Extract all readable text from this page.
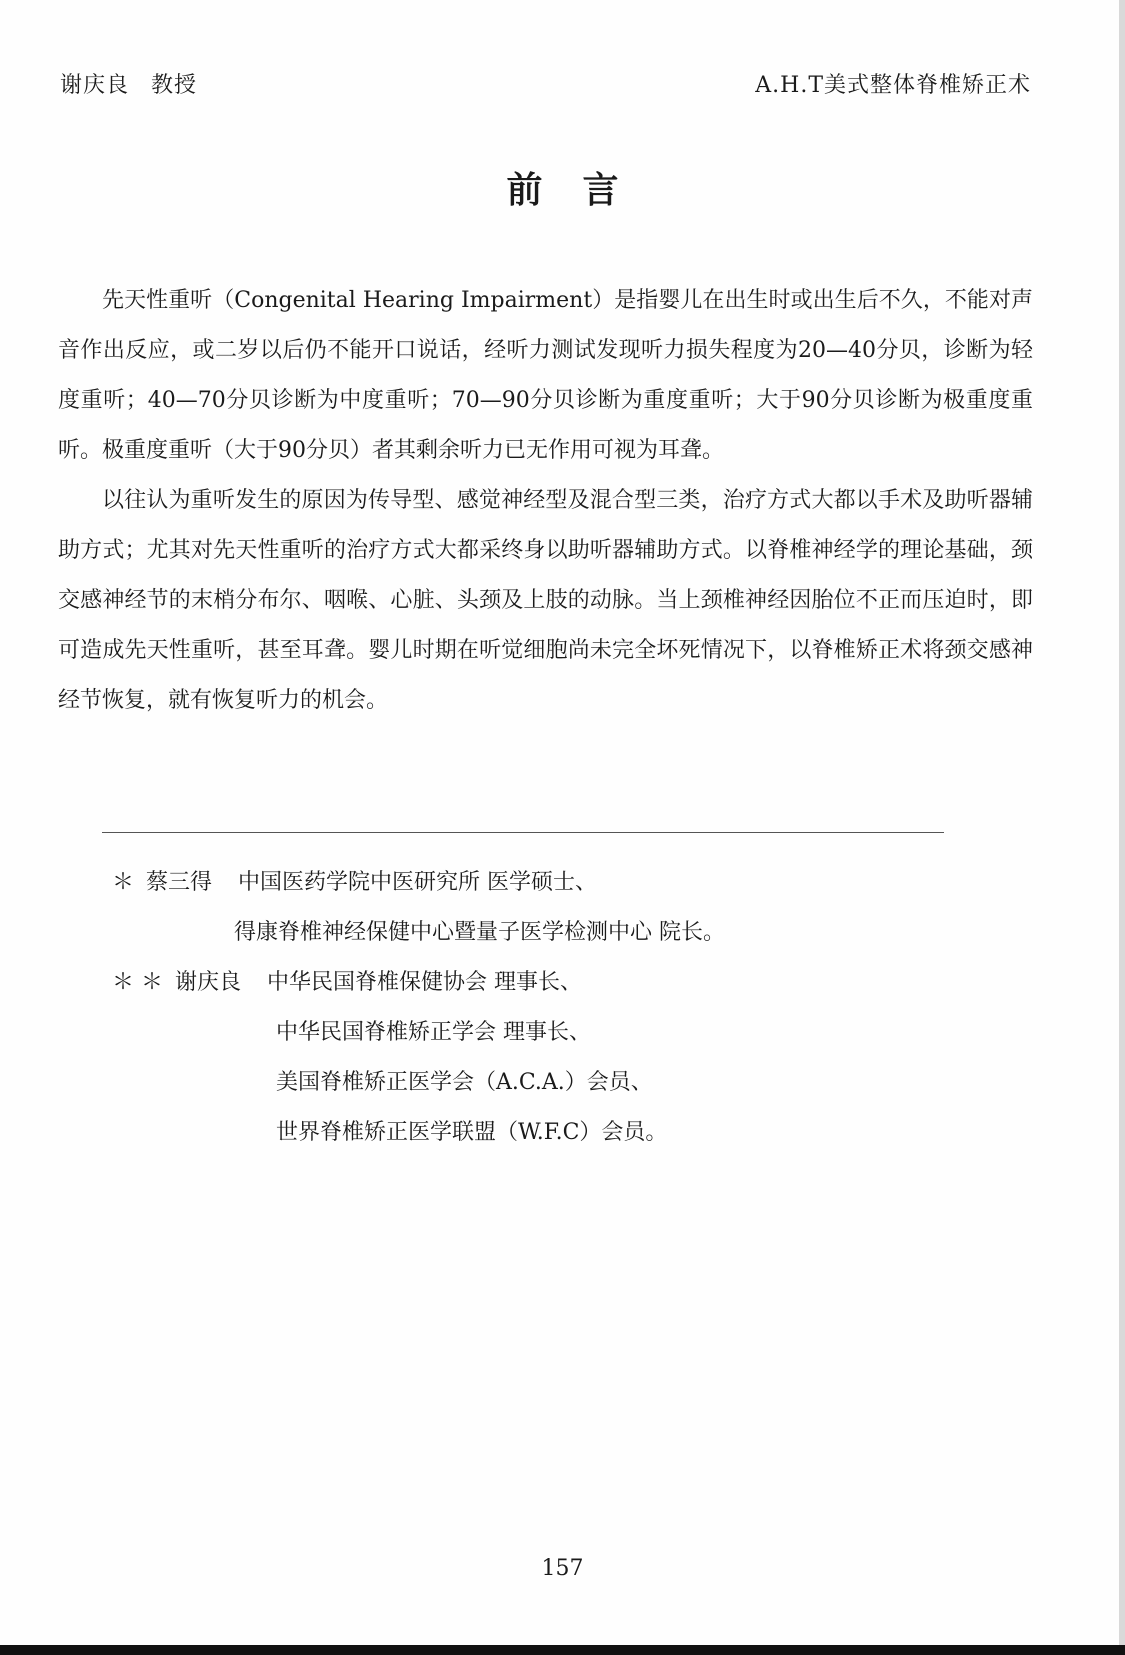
谢庆良 教授	A.H.T美式整体脊椎矫正术
前言

先天性重听（Congenital Hearing Impairment）是指婴儿在出生时或出生后不久，不能对声音作出反应，或二岁以后仍不能开口说话，经听力测试发现听力损失程度为20—40分贝，诊断为轻度重听；40—70分贝诊断为中度重听；70—90分贝诊断为重度重听；大于90分贝诊断为极重度重听。极重度重听（大于90分贝）者其剩余听力已无作用可视为耳聋。

以往认为重听发生的原因为传导型、感觉神经型及混合型三类，治疗方式大都以手术及助听器辅助方式；尤其对先天性重听的治疗方式大都采终身以助听器辅助方式。以脊椎神经学的理论基础，颈交感神经节的末梢分布尔、咽喉、心脏、头颈及上肢的动脉。当上颈椎神经因胎位不正而压迫时，即可造成先天性重听，甚至耳聋。婴儿时期在听觉细胞尚未完全坏死情况下，以脊椎矫正术将颈交感神经节恢复，就有恢复听力的机会。

＊ 蔡三得 中国医药学院中医研究所 医学硕士、
得康脊椎神经保健中心暨量子医学检测中心 院长。
＊ ＊ 谢庆良 中华民国脊椎保健协会 理事长、
中华民国脊椎矫正学会 理事长、
美国脊椎矫正医学会（A.C.A.）会员、
世界脊椎矫正医学联盟（W.F.C）会员。
157
